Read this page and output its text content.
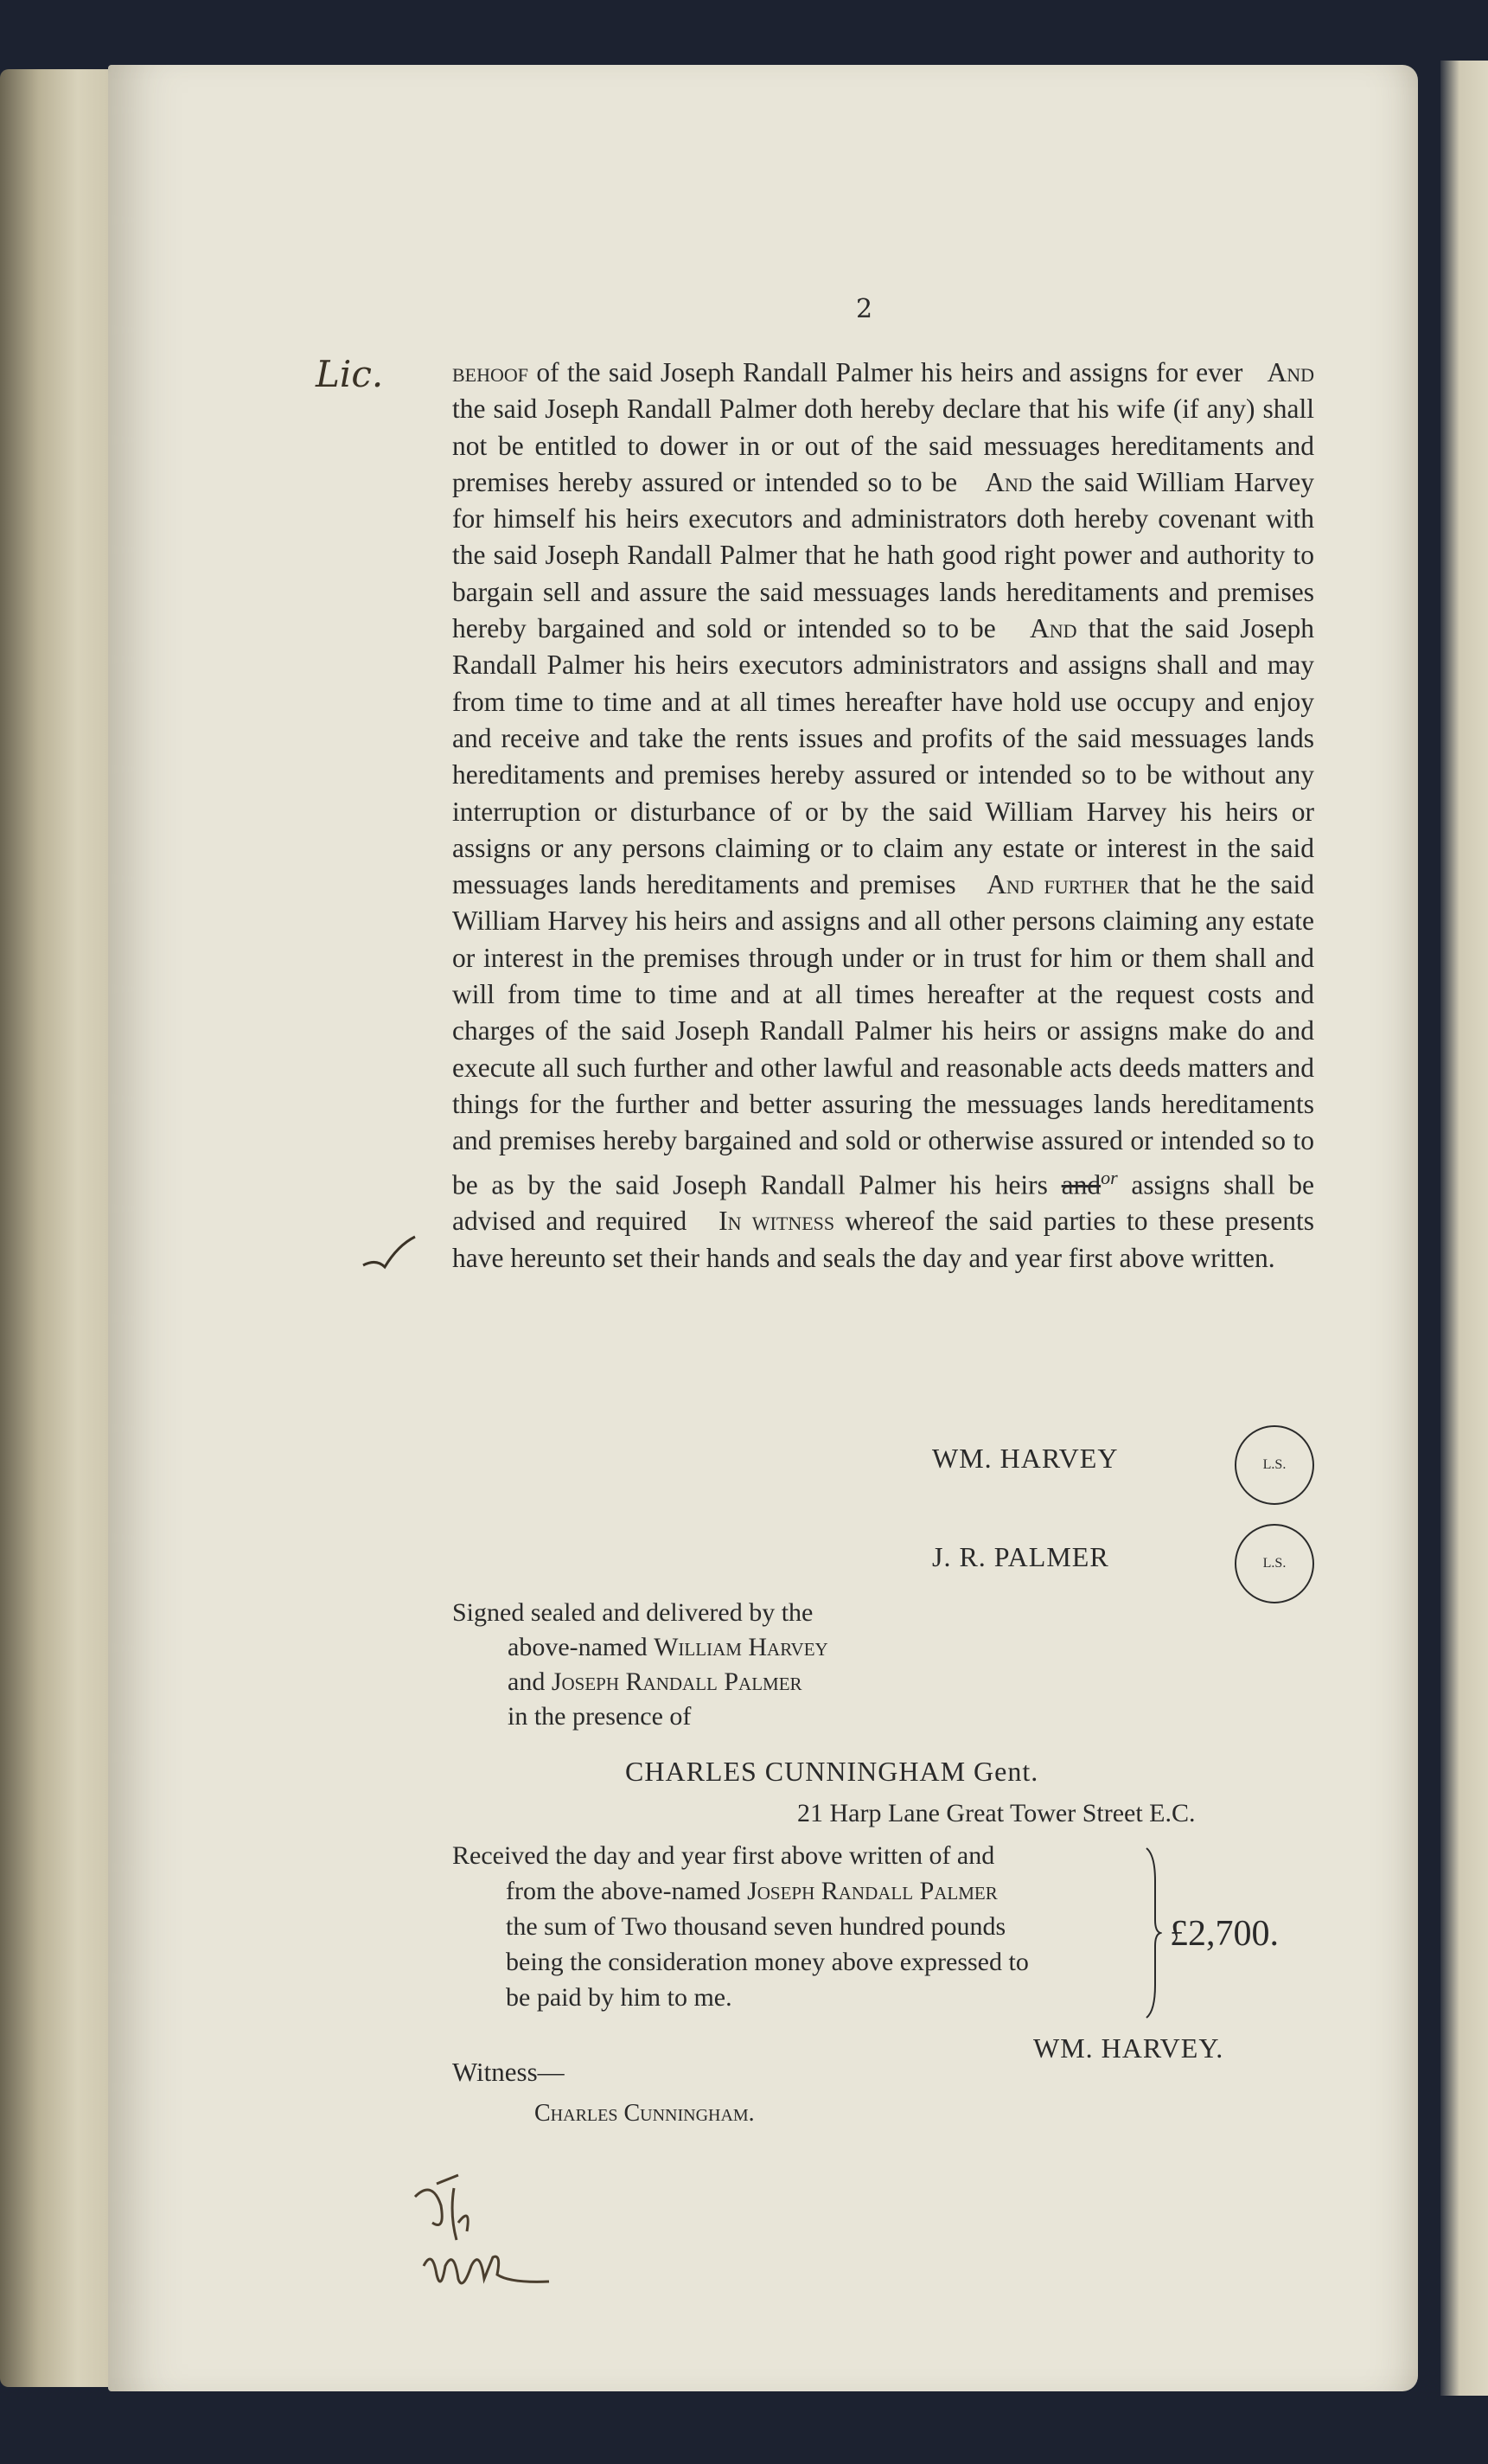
2
Lic.	behoof of the said Joseph Randall Palmer his heirs and assigns for ever And the said Joseph Randall Palmer doth hereby declare that his wife (if any) shall not be entitled to dower in or out of the said messuages hereditaments and premises hereby assured or intended so to be And the said William Harvey for himself his heirs executors and administrators doth hereby covenant with the said Joseph Randall Palmer that he hath good right power and authority to bargain sell and assure the said messuages lands hereditaments and premises hereby bargained and sold or intended so to be And that the said Joseph Randall Palmer his heirs executors administrators and assigns shall and may from time to time and at all times hereafter have hold use occupy and enjoy and receive and take the rents issues and profits of the said messuages lands hereditaments and premises hereby assured or intended so to be without any interruption or disturbance of or by the said William Harvey his heirs or assigns or any persons claiming or to claim any estate or interest in the said messuages lands hereditaments and premises And further that he the said William Harvey his heirs and assigns and all other persons claiming any estate or interest in the premises through under or in trust for him or them shall and will from time to time and at all times hereafter at the request costs and charges of the said Joseph Randall Palmer his heirs or assigns make do and execute all such further and other lawful and reasonable acts deeds matters and things for the further and better assuring the messuages lands hereditaments and premises hereby bargained and sold or otherwise assured or intended so to be as by the said Joseph Randall Palmer his heirs and$^{or}$ assigns shall be advised and required In witness whereof the said parties to these presents have hereunto set their hands and seals the day and year first above written.

WM. HARVEY	L.S.
J. R. PALMER	L.S.
Signed sealed and delivered by the
above-named William Harvey
and Joseph Randall Palmer
in the presence of
CHARLES CUNNINGHAM Gent.
21 Harp Lane Great Tower Street E.C.
Received the day and year first above written of and
from the above-named Joseph Randall Palmer
the sum of Two thousand seven hundred pounds
being the consideration money above expressed to
be paid by him to me.
£2,700.
WM. HARVEY.
Witness—
Charles Cunningham.
